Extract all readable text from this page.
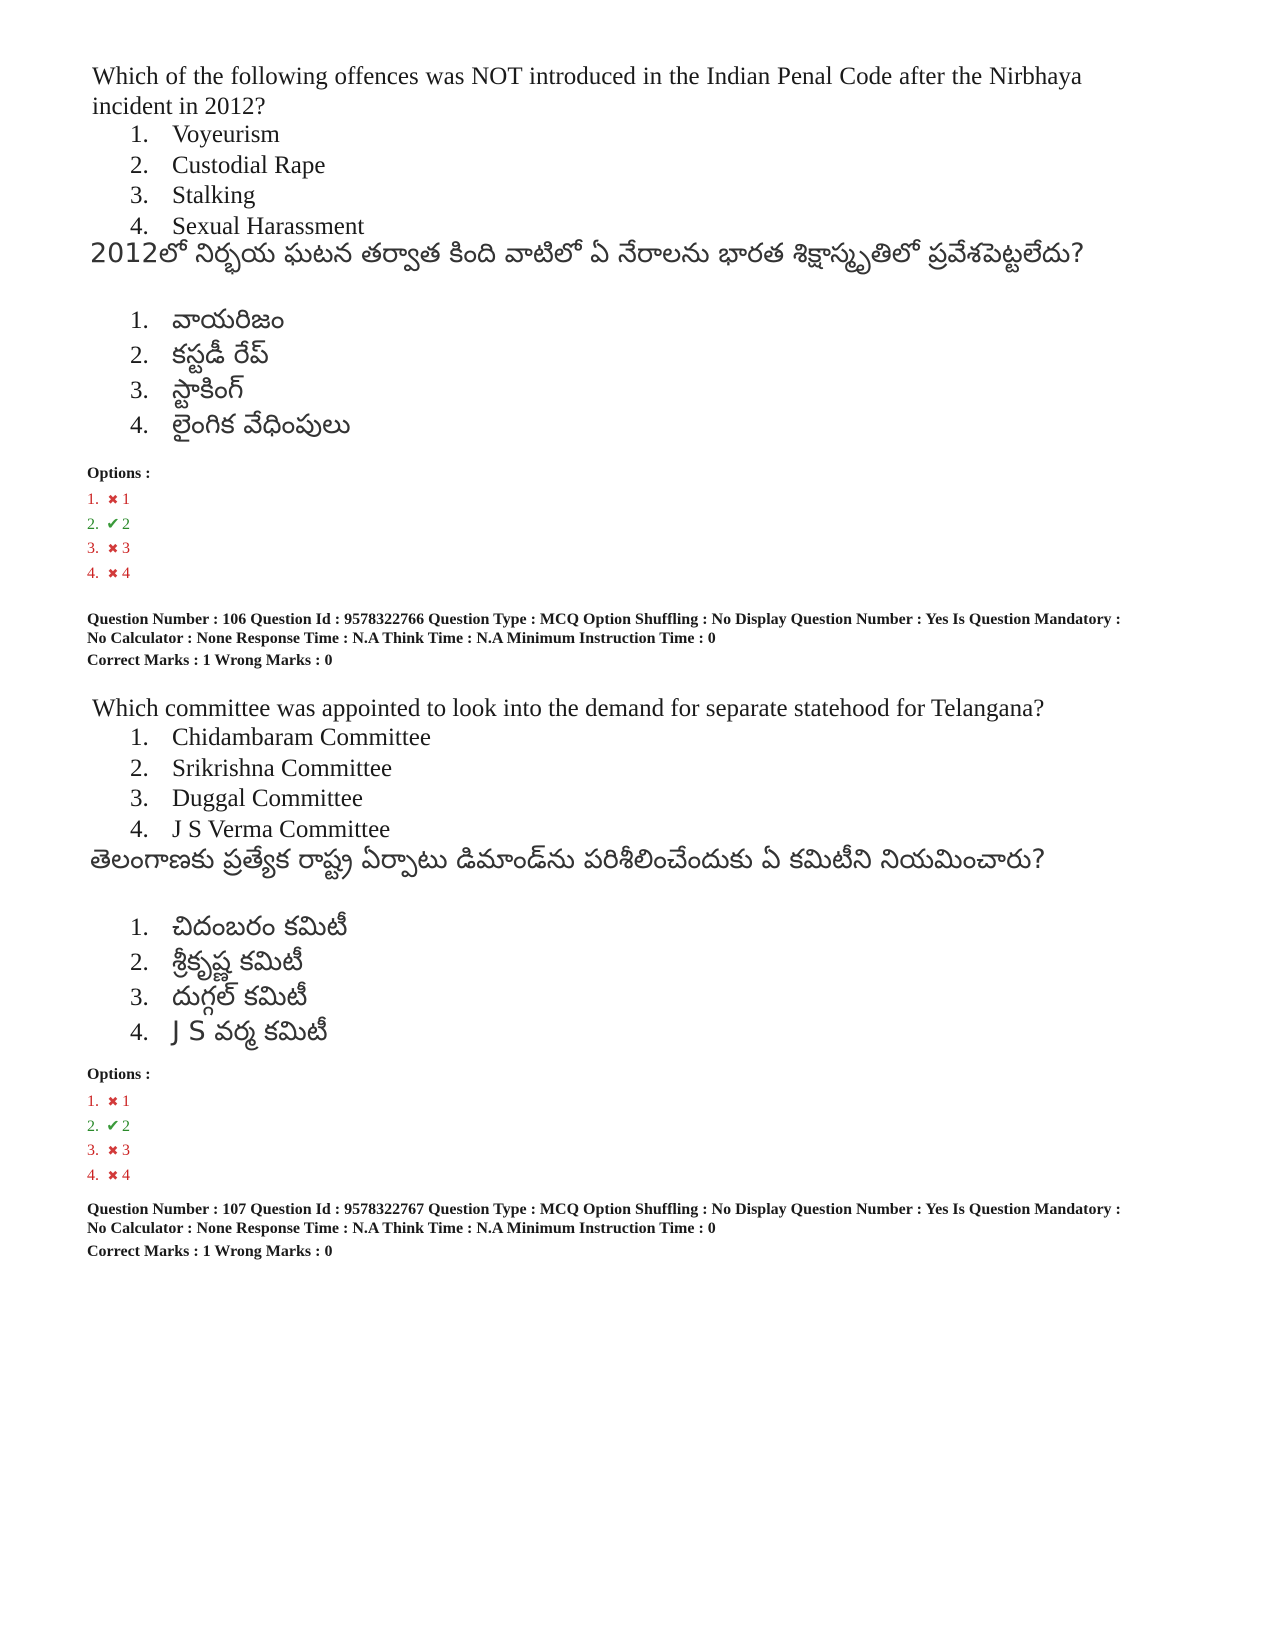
Which of the following offences was NOT introduced in the Indian Penal Code after the Nirbhaya incident in 2012?
1. Voyeurism
2. Custodial Rape
3. Stalking
4. Sexual Harassment
2012లో నిర్భయ ఘటన తర్వాత కింది వాటిలో ఏ నేరాలను భారత శిక్షాస్మృతిలో ప్రవేశపెట్టలేదు?
1. వాయరిజం
2. కస్టడీ రేప్
3. స్టాకింగ్
4. లైంగిక వేధింపులు
Options :
1. ✖ 1
2. ✔ 2
3. ✖ 3
4. ✖ 4
Question Number : 106 Question Id : 9578322766 Question Type : MCQ Option Shuffling : No Display Question Number : Yes Is Question Mandatory :
No Calculator : None Response Time : N.A Think Time : N.A Minimum Instruction Time : 0
Correct Marks : 1 Wrong Marks : 0
Which committee was appointed to look into the demand for separate statehood for Telangana?
1. Chidambaram Committee
2. Srikrishna Committee
3. Duggal Committee
4. J S Verma Committee
తెలంగాణకు ప్రత్యేక రాష్ట్ర ఏర్పాటు డిమాండ్‌ను పరిశీలించేందుకు ఏ కమిటీని నియమించారు?
1. చిదంబరం కమిటీ
2. శ్రీకృష్ణ కమిటీ
3. దుగ్గల్ కమిటీ
4. J S వర్మ కమిటీ
Options :
1. ✖ 1
2. ✔ 2
3. ✖ 3
4. ✖ 4
Question Number : 107 Question Id : 9578322767 Question Type : MCQ Option Shuffling : No Display Question Number : Yes Is Question Mandatory :
No Calculator : None Response Time : N.A Think Time : N.A Minimum Instruction Time : 0
Correct Marks : 1 Wrong Marks : 0
